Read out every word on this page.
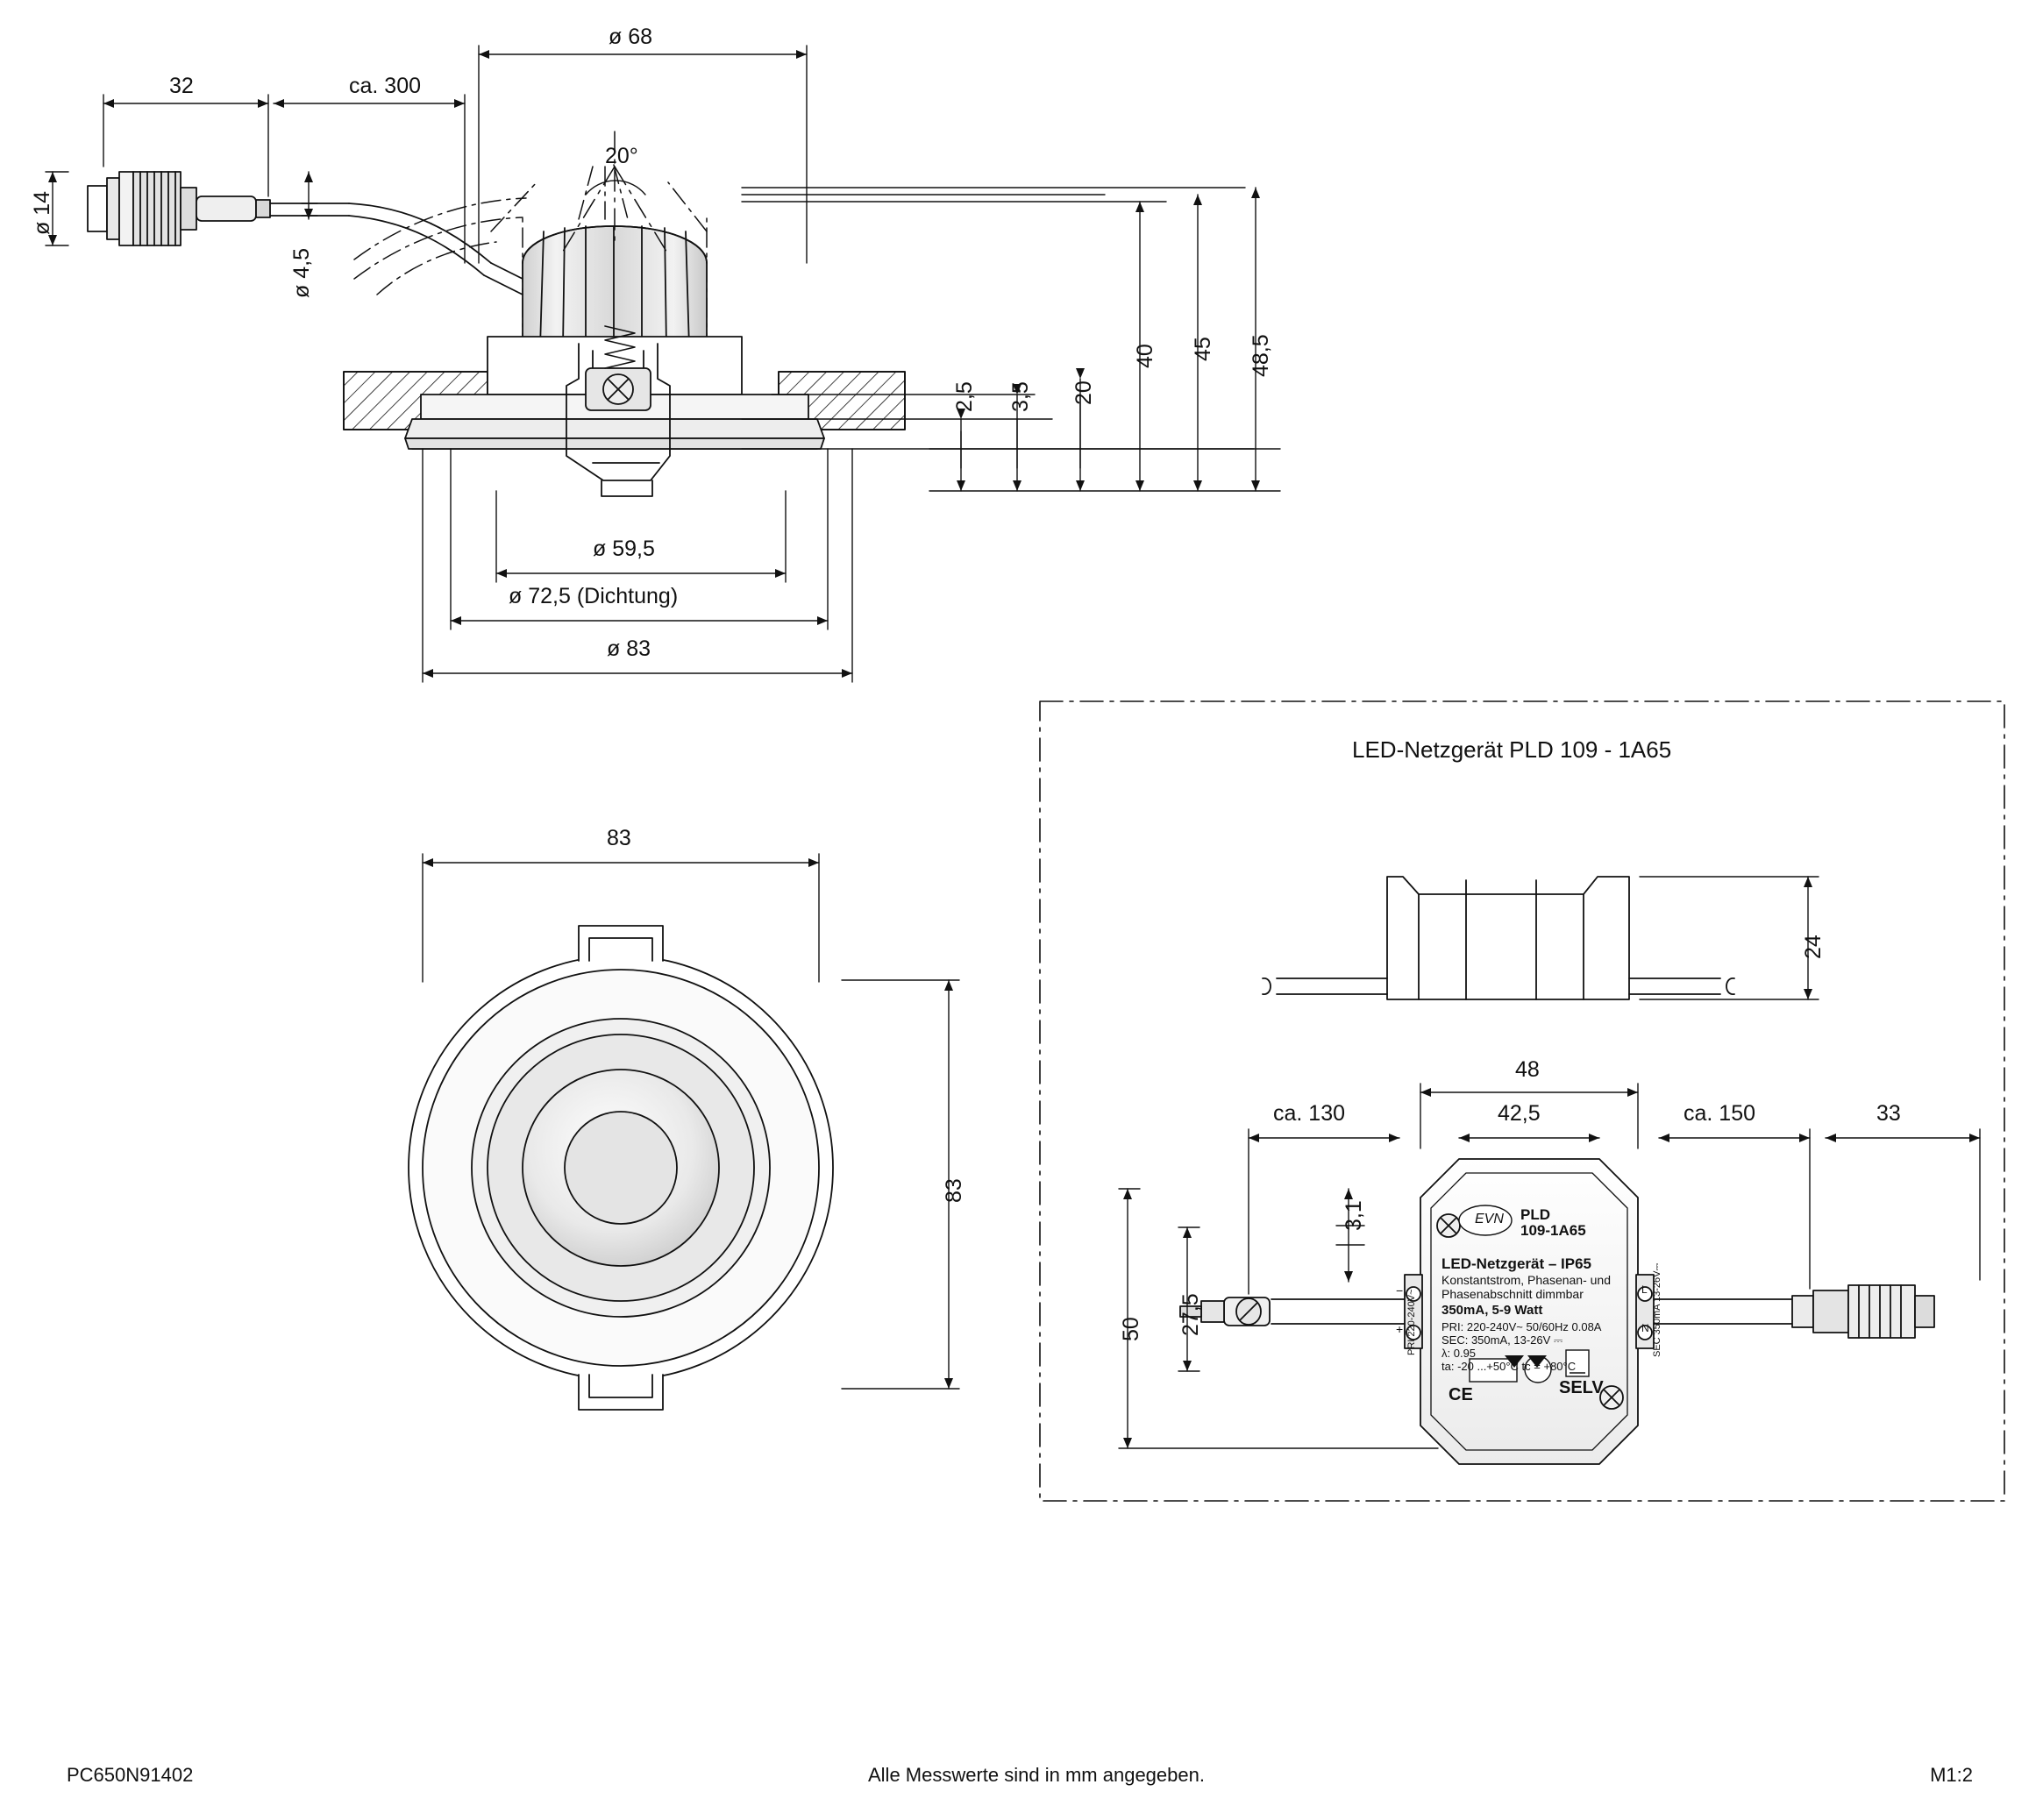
32	ca. 300
ø 14
ø 4,5
ø 68
20°
2,5 3,5 20
40 45 48,5
ø 59,5
ø 72,5 (Dichtung)
ø 83
83
83
LED-Netzgerät PLD 109 - 1A65
24
48
42,5
ca. 130	ca. 150	33
3,1
50 27,5
EVN PLD
109-1A65
LED-Netzgerät – IP65
Konstantstrom, Phasenan- und
Phasenabschnitt dimmbar
350mA, 5-9 Watt
PRI: 220-240V~ 50/60Hz 0.08A
SEC: 350mA, 13-26V ⎓
λ: 0.95
ta: -20 ...+50°C tc = +80°C
PRI 220-240V~	SEC 350mA 13-26V⎓
SELV
CE
−
+
L
N
PC650N91402	Alle Messwerte sind in mm angegeben.	M1:2
